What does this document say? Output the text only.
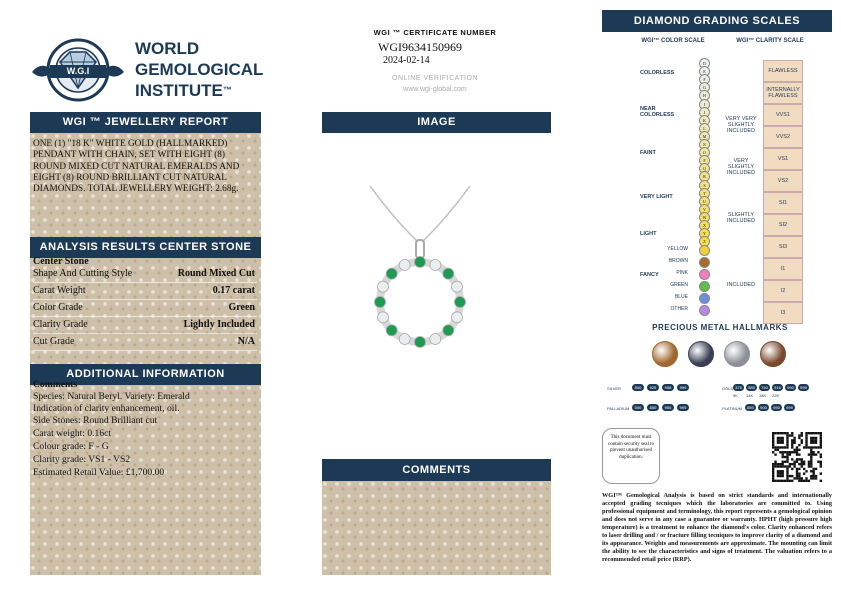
W.G.I
WORLD
GEMOLOGICAL
INSTITUTE™
WGI ™ JEWELLERY REPORT
ONE (1) "18 K" WHITE GOLD (HALLMARKED) PENDANT WITH CHAIN, SET WITH EIGHT (8) ROUND MIXED CUT NATURAL EMERALDS AND EIGHT (8) ROUND BRILLIANT CUT NATURAL DIAMONDS. TOTAL JEWELLERY WEIGHT: 2.68g.
ANALYSIS RESULTS CENTER STONE
Center Stone
Shape And Cutting Style	Round Mixed Cut
Carat Weight	0.17 carat
Color Grade	Green
Clarity Grade	Lightly Included
Cut Grade	N/A
ADDITIONAL INFORMATION
Comments
Species: Natural Beryl. Variety: Emerald
Indication of clarity enhancement, oil.
Side Stones: Round Brilliant cut
Carat weight: 0.16ct
Colour grade: F - G
Clarity grade: VS1 - VS2
Estimated Retail Value: £1,700.00
WGI ™ CERTIFICATE NUMBER
WGI9634150969
2024-02-14
ONLINE VERIFICATION
www.wgi-global.com
IMAGE
COMMENTS
DIAMOND GRADING SCALES
WGI™ COLOR SCALE	WGI™ CLARITY SCALE
D
E
F
G
H
I
J
K
L
M
N
O
P
Q
R
S
T
U
V
W
X
Y
Z
COLORLESS
NEAR COLORLESS
FAINT
VERY LIGHT
LIGHT
FANCY
YELLOW
BROWN
PINK
GREEN
BLUE
OTHER
FLAWLESS
INTERNALLY FLAWLESS
VVS1
VVS2
VS1
VS2
SI1
SI2
SI3
I1
I2
I3
VERY VERY SLIGHTLY INCLUDED
VERY SLIGHTLY INCLUDED
SLIGHTLY INCLUDED
INCLUDED
PRECIOUS METAL HALLMARKS
SILVER
PALLADIUM
GOLD
PLATINUM
800	925	958	999
500	850	950	999
375	585	750	916	990	999
850	900	950	999
9K 14K 18K 22K
This document must contain security seal to prevent unauthorised duplication.
WGI™ Gemological Analysis is based on strict standards and internationally accepted grading tecniques which the laboratories are committed to. Using professional equipment and terminology, this report represents a gemological opinion and does not serve in any case a guarantee or warranty. HPHT (high pressure high temperature) is a treatment to enhance the diamond's color. Clarity enhanced refers to laser drilling and / or fracture filling tecniques to improve clarity of a diamond and its appearance. Weights and measurements are approximate. The mounting can limit the ability to see the characteristics and signs of treatment. The valuation refers to a recommended retail price (RRP).
